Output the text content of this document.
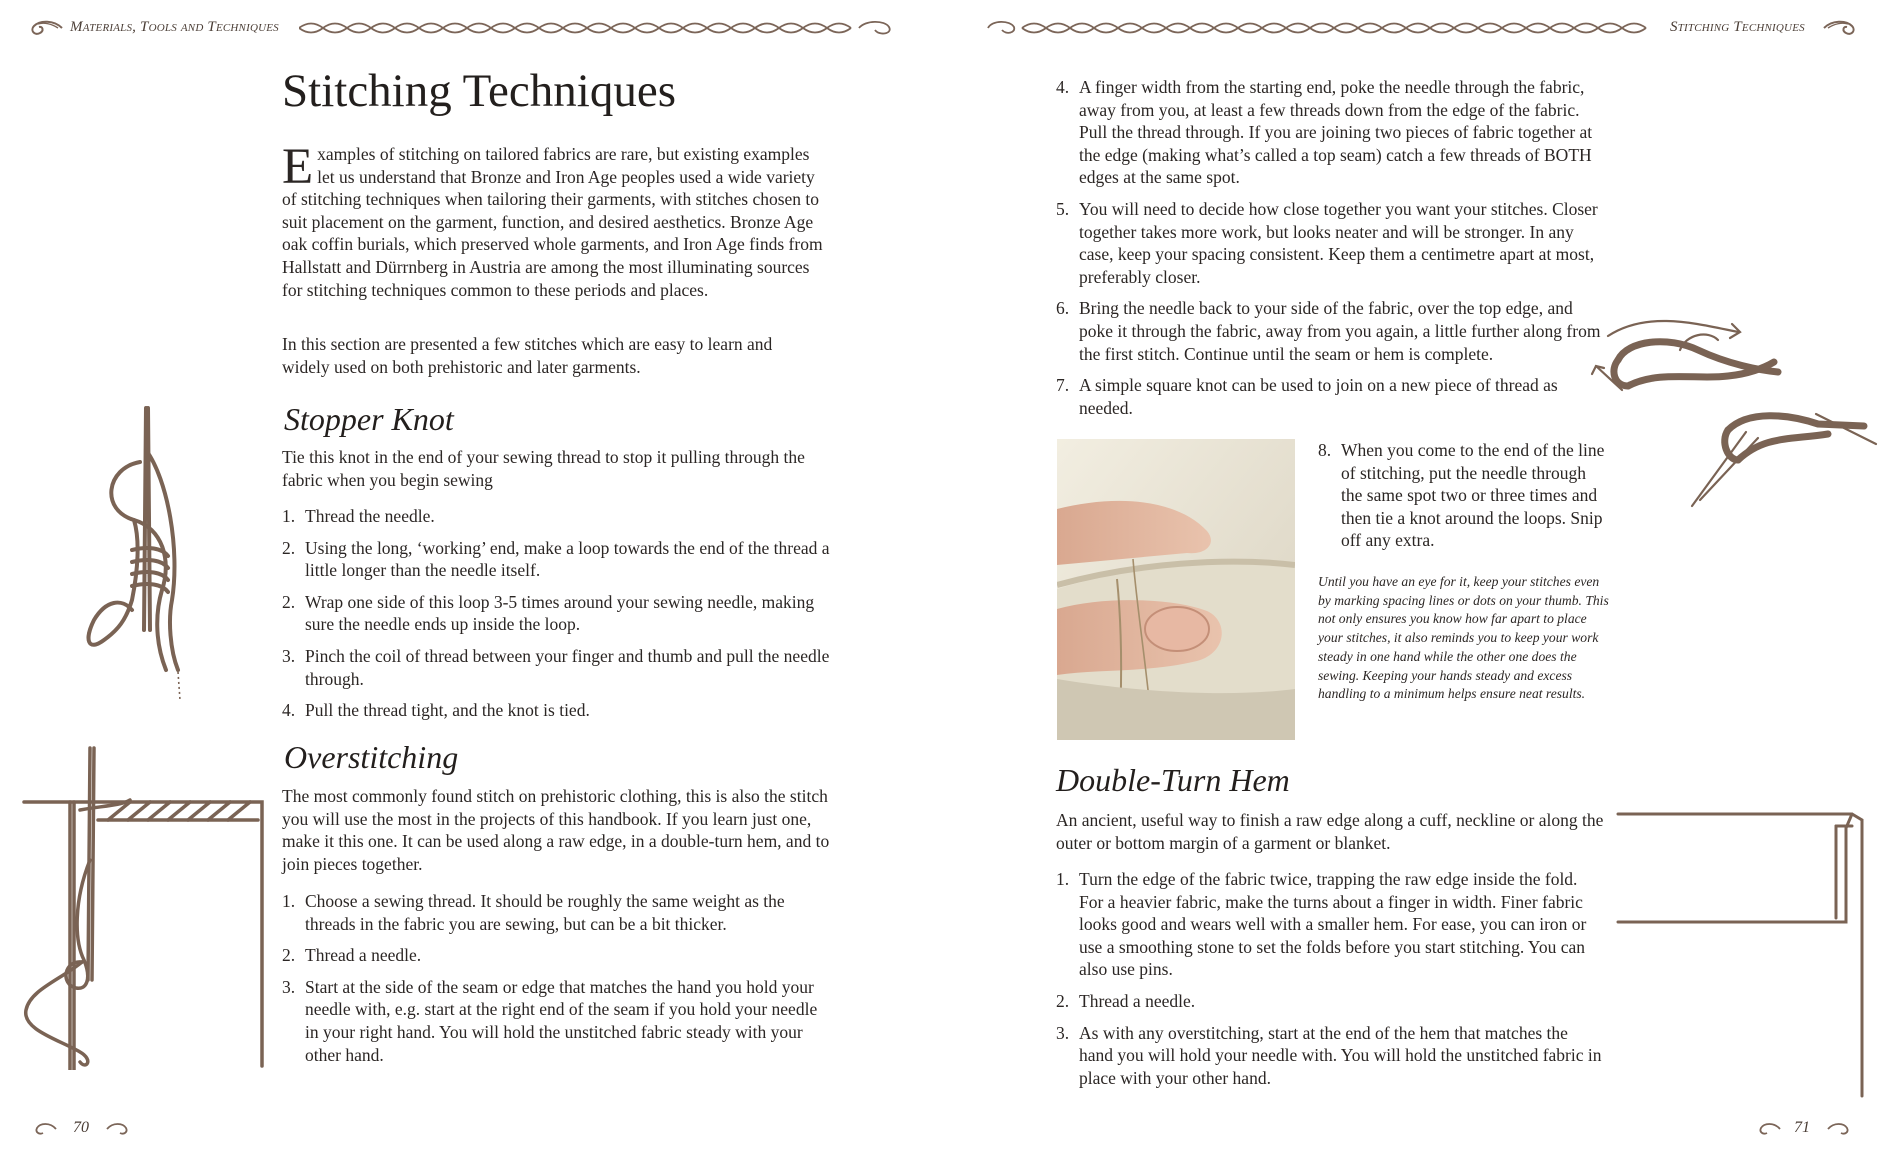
Materials, Tools and Techniques	Stitching Techniques
Stitching Techniques

Examples of stitching on tailored fabrics are rare, but existing examples let us understand that Bronze and Iron Age peoples used a wide variety of stitching techniques when tailoring their garments, with stitches chosen to suit placement on the garment, function, and desired aesthetics. Bronze Age oak coffin burials, which preserved whole garments, and Iron Age finds from Hallstatt and Dürrnberg in Austria are among the most illuminating sources for stitching techniques common to these periods and places.

In this section are presented a few stitches which are easy to learn and widely used on both prehistoric and later garments.

Stopper Knot

Tie this knot in the end of your sewing thread to stop it pulling through the fabric when you begin sewing

1. Thread the needle.
2. Using the long, ‘working’ end, make a loop towards the end of the thread a little longer than the needle itself.
2. Wrap one side of this loop 3-5 times around your sewing needle, making sure the needle ends up inside the loop.
3. Pinch the coil of thread between your finger and thumb and pull the needle through.
4. Pull the thread tight, and the knot is tied.
Overstitching

The most commonly found stitch on prehistoric clothing, this is also the stitch you will use the most in the projects of this handbook. If you learn just one, make it this one. It can be used along a raw edge, in a double-turn hem, and to join pieces together.

1. Choose a sewing thread. It should be roughly the same weight as the threads in the fabric you are sewing, but can be a bit thicker.
2. Thread a needle.
3. Start at the side of the seam or edge that matches the hand you hold your needle with, e.g. start at the right end of the seam if you hold your needle in your right hand. You will hold the unstitched fabric steady with your other hand.
70
4. A finger width from the starting end, poke the needle through the fabric, away from you, at least a few threads down from the edge of the fabric. Pull the thread through. If you are joining two pieces of fabric together at the edge (making what’s called a top seam) catch a few threads of BOTH edges at the same spot.
5. You will need to decide how close together you want your stitches. Closer together takes more work, but looks neater and will be stronger. In any case, keep your spacing consistent. Keep them a centimetre apart at most, preferably closer.
6. Bring the needle back to your side of the fabric, over the top edge, and poke it through the fabric, away from you again, a little further along from the first stitch. Continue until the seam or hem is complete.
7. A simple square knot can be used to join on a new piece of thread as needed.
8. When you come to the end of the line of stitching, put the needle through the same spot two or three times and then tie a knot around the loops. Snip off any extra.

Until you have an eye for it, keep your stitches even by marking spacing lines or dots on your thumb. This not only ensures you know how far apart to place your stitches, it also reminds you to keep your work steady in one hand while the other one does the sewing. Keeping your hands steady and excess handling to a minimum helps ensure neat results.

Double-Turn Hem

An ancient, useful way to finish a raw edge along a cuff, neckline or along the outer or bottom margin of a garment or blanket.

1. Turn the edge of the fabric twice, trapping the raw edge inside the fold. For a heavier fabric, make the turns about a finger in width. Finer fabric looks good and wears well with a smaller hem. For ease, you can iron or use a smoothing stone to set the folds before you start stitching. You can also use pins.
2. Thread a needle.
3. As with any overstitching, start at the end of the hem that matches the hand you will hold your needle with. You will hold the unstitched fabric in place with your other hand.
71
